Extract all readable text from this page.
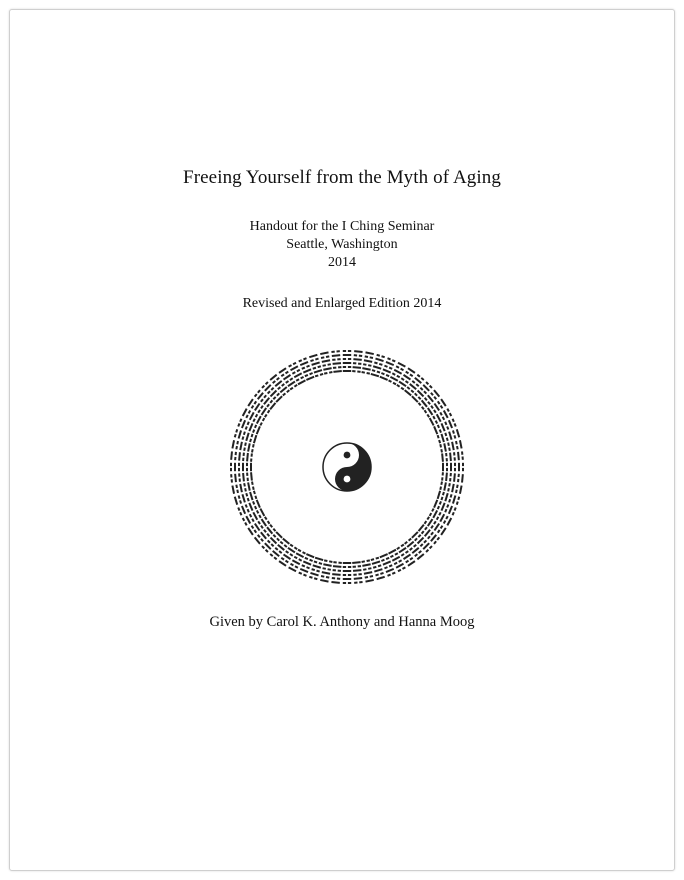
Freeing Yourself from the Myth of Aging
Handout for the I Ching Seminar
Seattle, Washington
2014
Revised and Enlarged Edition 2014
Given by Carol K. Anthony and Hanna Moog
